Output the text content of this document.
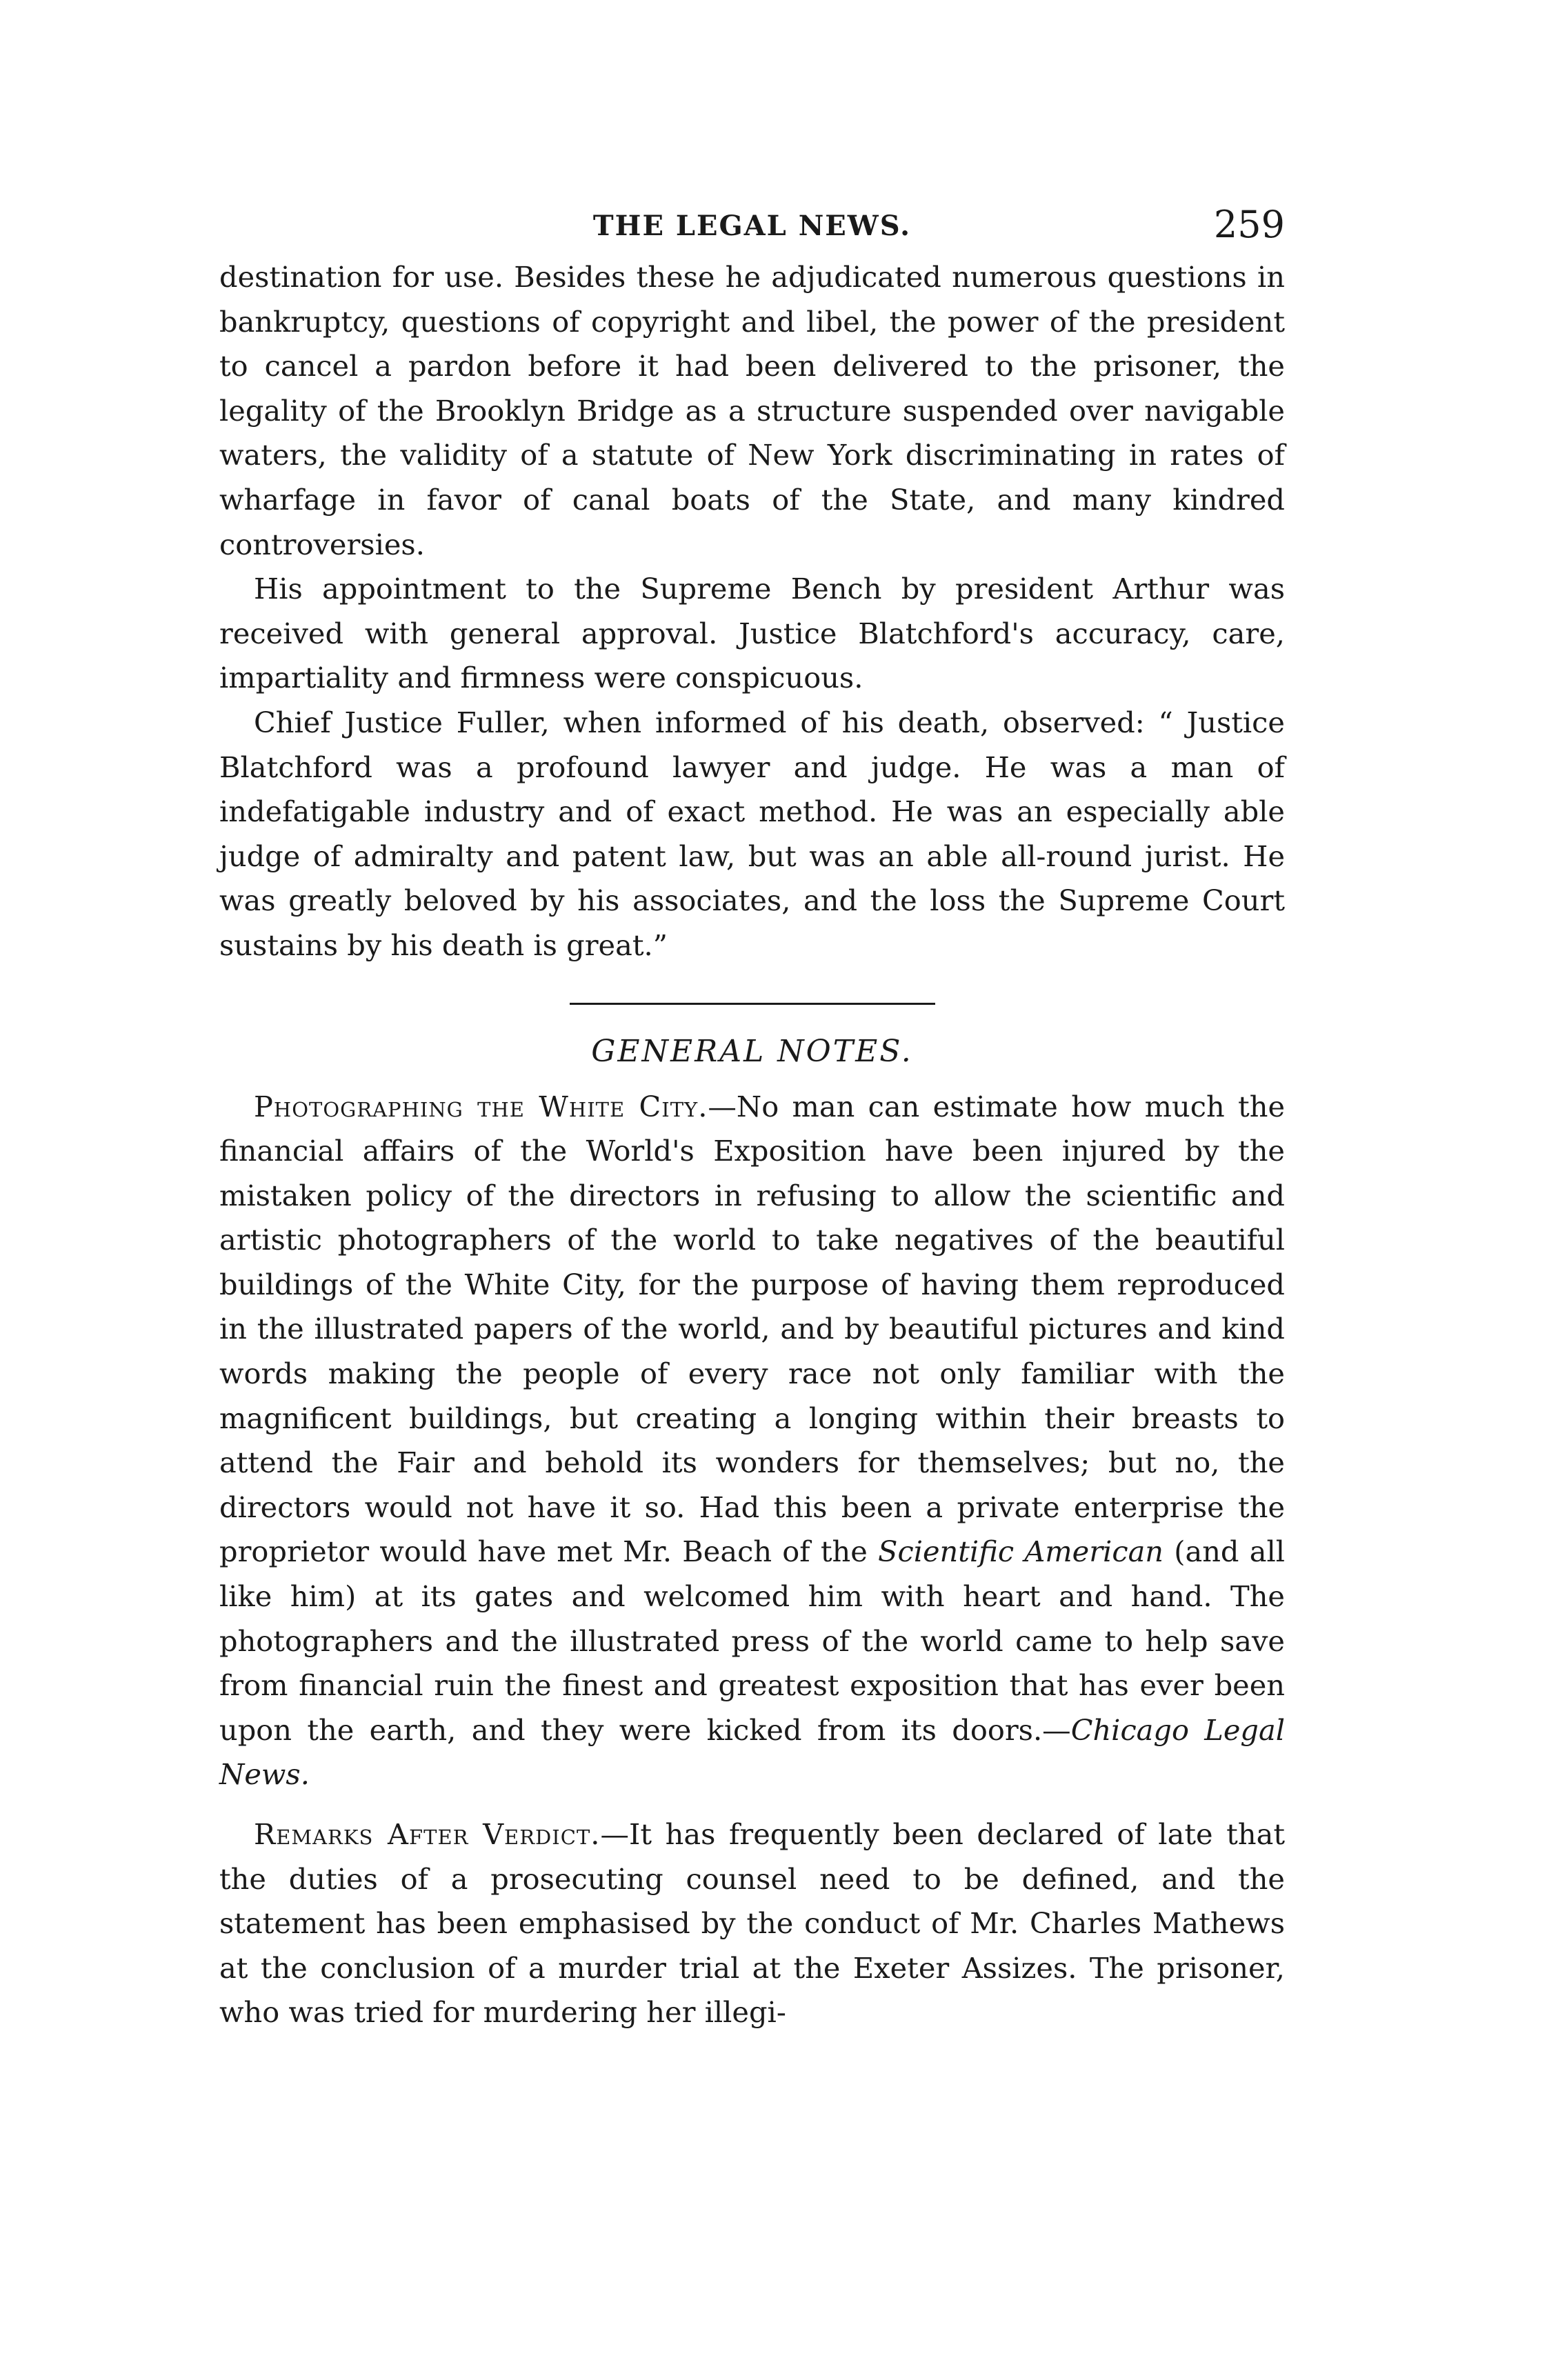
THE LEGAL NEWS.	259

destination for use. Besides these he adjudicated numerous questions in bankruptcy, questions of copyright and libel, the power of the president to cancel a pardon before it had been delivered to the prisoner, the legality of the Brooklyn Bridge as a structure suspended over navigable waters, the validity of a statute of New York discriminating in rates of wharfage in favor of canal boats of the State, and many kindred controversies.

His appointment to the Supreme Bench by president Arthur was received with general approval. Justice Blatchford's accuracy, care, impartiality and firmness were conspicuous.

Chief Justice Fuller, when informed of his death, observed: “ Justice Blatchford was a profound lawyer and judge. He was a man of indefatigable industry and of exact method. He was an especially able judge of admiralty and patent law, but was an able all-round jurist. He was greatly beloved by his associates, and the loss the Supreme Court sustains by his death is great.”

GENERAL NOTES.

Photographing the White City.—No man can estimate how much the financial affairs of the World's Exposition have been injured by the mistaken policy of the directors in refusing to allow the scientific and artistic photographers of the world to take negatives of the beautiful buildings of the White City, for the purpose of having them reproduced in the illustrated papers of the world, and by beautiful pictures and kind words making the people of every race not only familiar with the magnificent buildings, but creating a longing within their breasts to attend the Fair and behold its wonders for themselves; but no, the directors would not have it so. Had this been a private enterprise the proprietor would have met Mr. Beach of the Scientific American (and all like him) at its gates and welcomed him with heart and hand. The photographers and the illustrated press of the world came to help save from financial ruin the finest and greatest exposition that has ever been upon the earth, and they were kicked from its doors.—Chicago Legal News.

Remarks After Verdict.—It has frequently been declared of late that the duties of a prosecuting counsel need to be defined, and the statement has been emphasised by the conduct of Mr. Charles Mathews at the conclusion of a murder trial at the Exeter Assizes. The prisoner, who was tried for murdering her illegi-
